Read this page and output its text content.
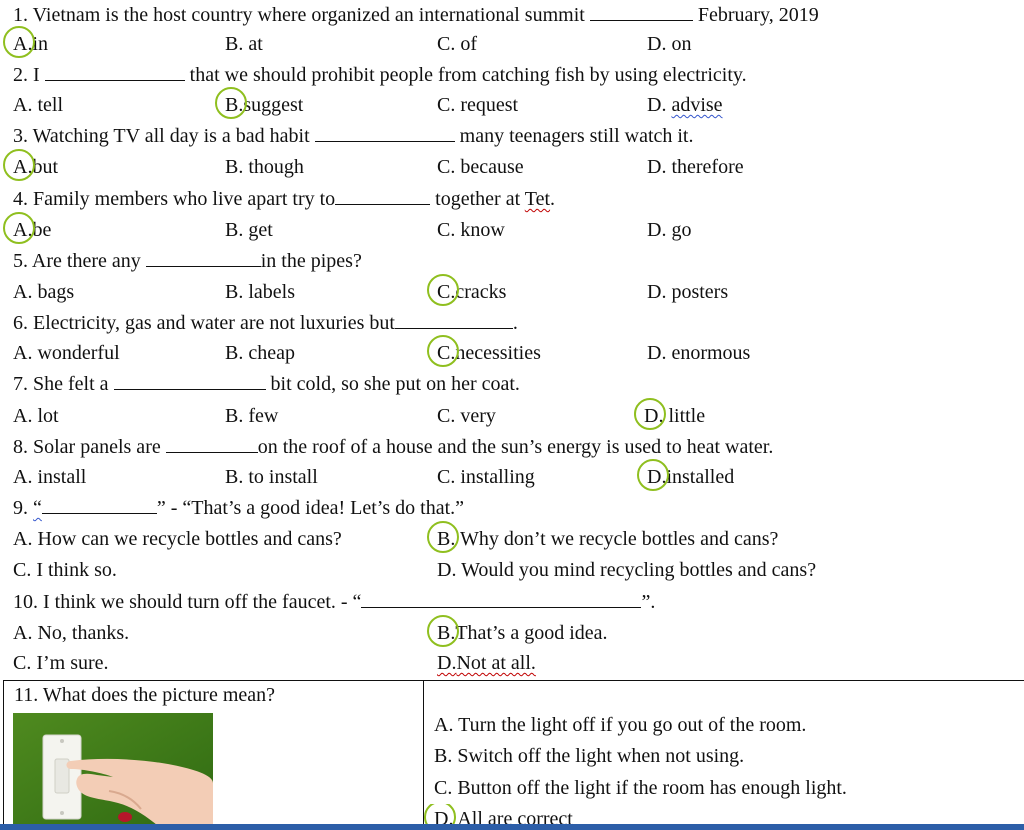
1. Vietnam is the host country where organized an international summit	February, 2019
A.in	B. at	C. of	D. on
2. I	that we should prohibit people from catching fish by using electricity.
A. tell	B.suggest	C. request	D. advise
3. Watching TV all day is a bad habit	many teenagers still watch it.
A.but	B. though	C. because	D. therefore
4. Family members who live apart try to	together at Tet.
A.be	B. get	C. know	D. go
5. Are there any	in the pipes?
A. bags	B. labels	C.cracks	D. posters
6. Electricity, gas and water are not luxuries but	.
A. wonderful	B. cheap	C.necessities	D. enormous
7. She felt a	bit cold, so she put on her coat.
A. lot	B. few	C. very	D. little
8. Solar panels are	on the roof of a house and the sun’s energy is used to heat water.
A. install	B. to install	C. installing	D.installed
9. “	” - “That’s a good idea! Let’s do that.”
A. How can we recycle bottles and cans?	B. Why don’t we recycle bottles and cans?
C. I think so.	D. Would you mind recycling bottles and cans?
10. I think we should turn off the faucet. - “	”.
A. No, thanks.	B.That’s a good idea.
C. I’m sure.	D.Not at all.
11. What does the picture mean?
A. Turn the light off if you go out of the room.
B. Switch off the light when not using.
C. Button off the light if the room has enough light.
D. All are correct
